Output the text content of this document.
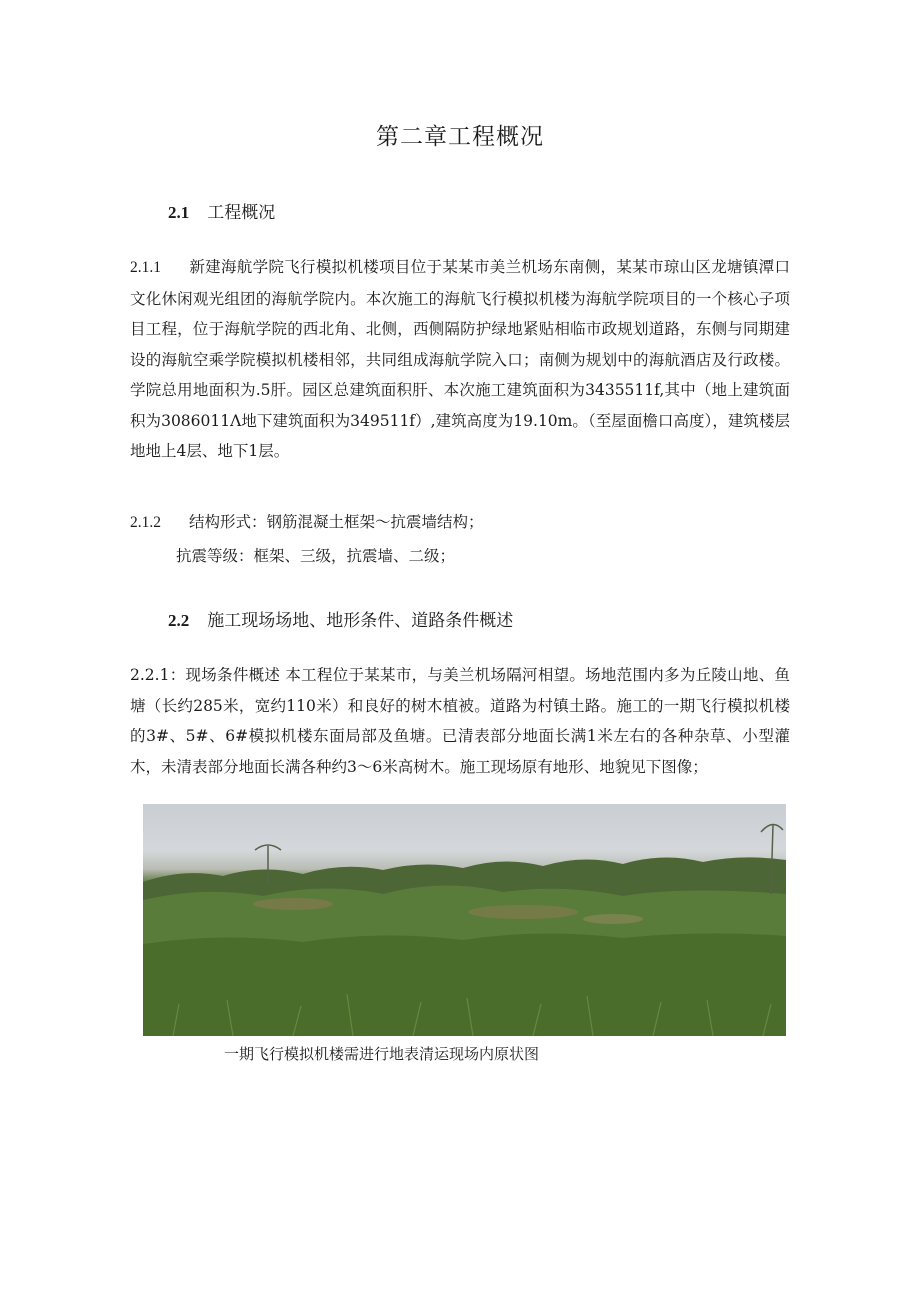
第二章工程概况
2.1 工程概况
2.1.1 新建海航学院飞行模拟机楼项目位于某某市美兰机场东南侧，某某市琼山区龙塘镇潭口文化休闲观光组团的海航学院内。本次施工的海航飞行模拟机楼为海航学院项目的一个核心子项目工程，位于海航学院的西北角、北侧，西侧隔防护绿地紧贴相临市政规划道路，东侧与同期建设的海航空乘学院模拟机楼相邻，共同组成海航学院入口；南侧为规划中的海航酒店及行政楼。学院总用地面积为.5肝。园区总建筑面积肝、本次施工建筑面积为3435511f,其中（地上建筑面积为3086011Λ地下建筑面积为349511f）,建筑高度为19.10m。（至屋面檐口高度），建筑楼层地地上4层、地下1层。
2.1.2 结构形式：钢筋混凝土框架～抗震墙结构；
抗震等级：框架、三级，抗震墙、二级；
2.2 施工现场场地、地形条件、道路条件概述
2.2.1：现场条件概述 本工程位于某某市，与美兰机场隔河相望。场地范围内多为丘陵山地、鱼塘（长约285米，宽约110米）和良好的树木植被。道路为村镇土路。施工的一期飞行模拟机楼的3#、5#、6#模拟机楼东面局部及鱼塘。已清表部分地面长满1米左右的各种杂草、小型灌木，未清表部分地面长满各种约3～6米高树木。施工现场原有地形、地貌见下图像；
一期飞行模拟机楼需进行地表清运现场内原状图
